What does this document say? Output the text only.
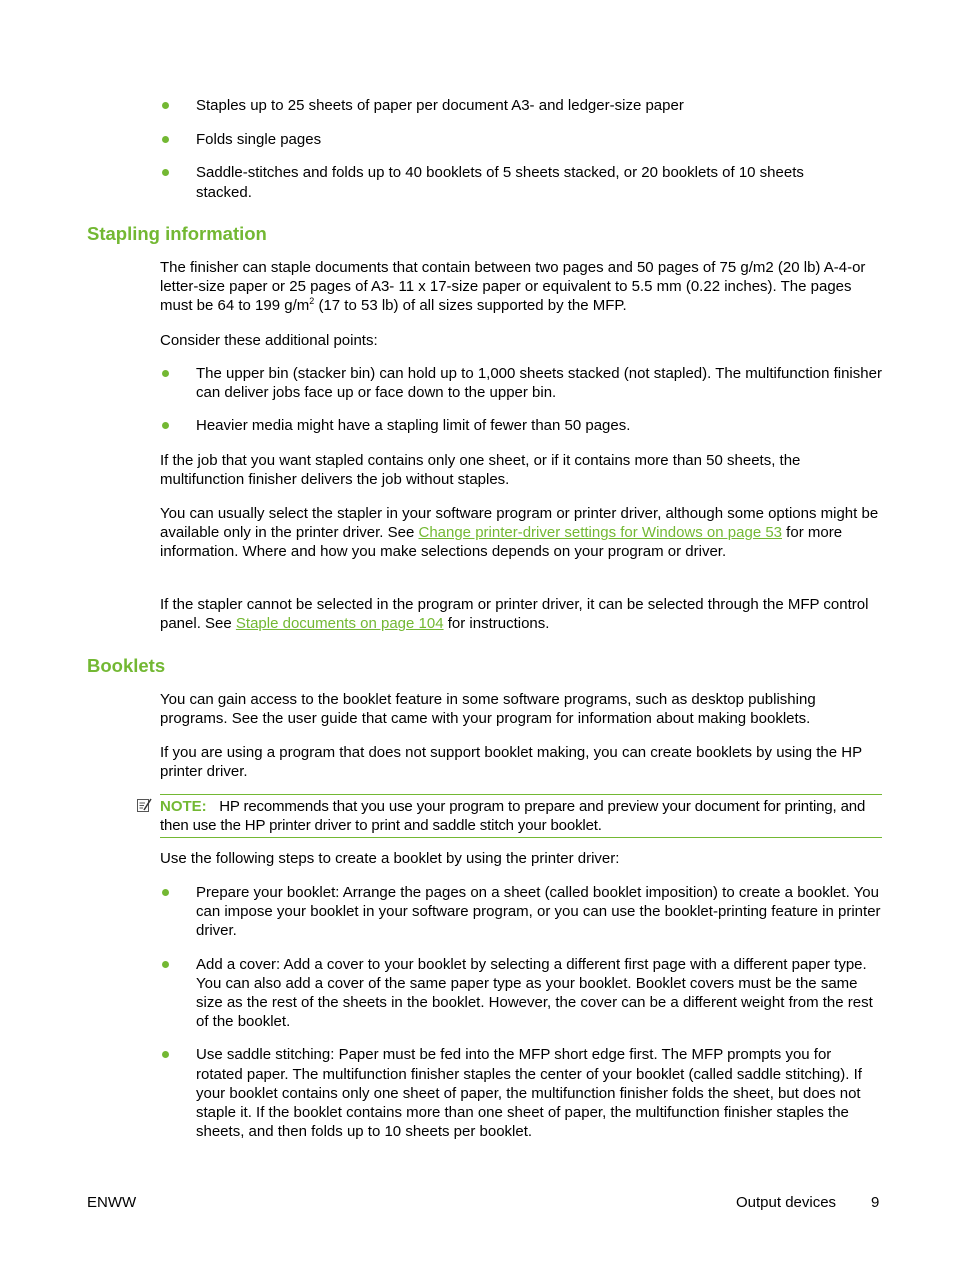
Staples up to 25 sheets of paper per document A3- and ledger-size paper
Folds single pages
Saddle-stitches and folds up to 40 booklets of 5 sheets stacked, or 20 booklets of 10 sheets stacked.
Stapling information

The finisher can staple documents that contain between two pages and 50 pages of 75 g/m2 (20 lb) A-4-or letter-size paper or 25 pages of A3- 11 x 17-size paper or equivalent to 5.5 mm (0.22 inches). The pages must be 64 to 199 $g/m^2$ (17 to 53 lb) of all sizes supported by the MFP.

Consider these additional points:

The upper bin (stacker bin) can hold up to 1,000 sheets stacked (not stapled). The multifunction finisher can deliver jobs face up or face down to the upper bin.
Heavier media might have a stapling limit of fewer than 50 pages.

If the job that you want stapled contains only one sheet, or if it contains more than 50 sheets, the multifunction finisher delivers the job without staples.

You can usually select the stapler in your software program or printer driver, although some options might be available only in the printer driver. See Change printer-driver settings for Windows on page 53 for more information. Where and how you make selections depends on your program or driver.

If the stapler cannot be selected in the program or printer driver, it can be selected through the MFP control panel. See Staple documents on page 104 for instructions.

Booklets

You can gain access to the booklet feature in some software programs, such as desktop publishing programs. See the user guide that came with your program for information about making booklets.

If you are using a program that does not support booklet making, you can create booklets by using the HP printer driver.

NOTE: HP recommends that you use your program to prepare and preview your document for printing, and then use the HP printer driver to print and saddle stitch your booklet.

Use the following steps to create a booklet by using the printer driver:

Prepare your booklet: Arrange the pages on a sheet (called booklet imposition) to create a booklet. You can impose your booklet in your software program, or you can use the booklet-printing feature in printer driver.
Add a cover: Add a cover to your booklet by selecting a different first page with a different paper type. You can also add a cover of the same paper type as your booklet. Booklet covers must be the same size as the rest of the sheets in the booklet. However, the cover can be a different weight from the rest of the booklet.
Use saddle stitching: Paper must be fed into the MFP short edge first. The MFP prompts you for rotated paper. The multifunction finisher staples the center of your booklet (called saddle stitching). If your booklet contains only one sheet of paper, the multifunction finisher folds the sheet, but does not staple it. If the booklet contains more than one sheet of paper, the multifunction finisher staples the sheets, and then folds up to 10 sheets per booklet.
ENWW	Output devices 9
